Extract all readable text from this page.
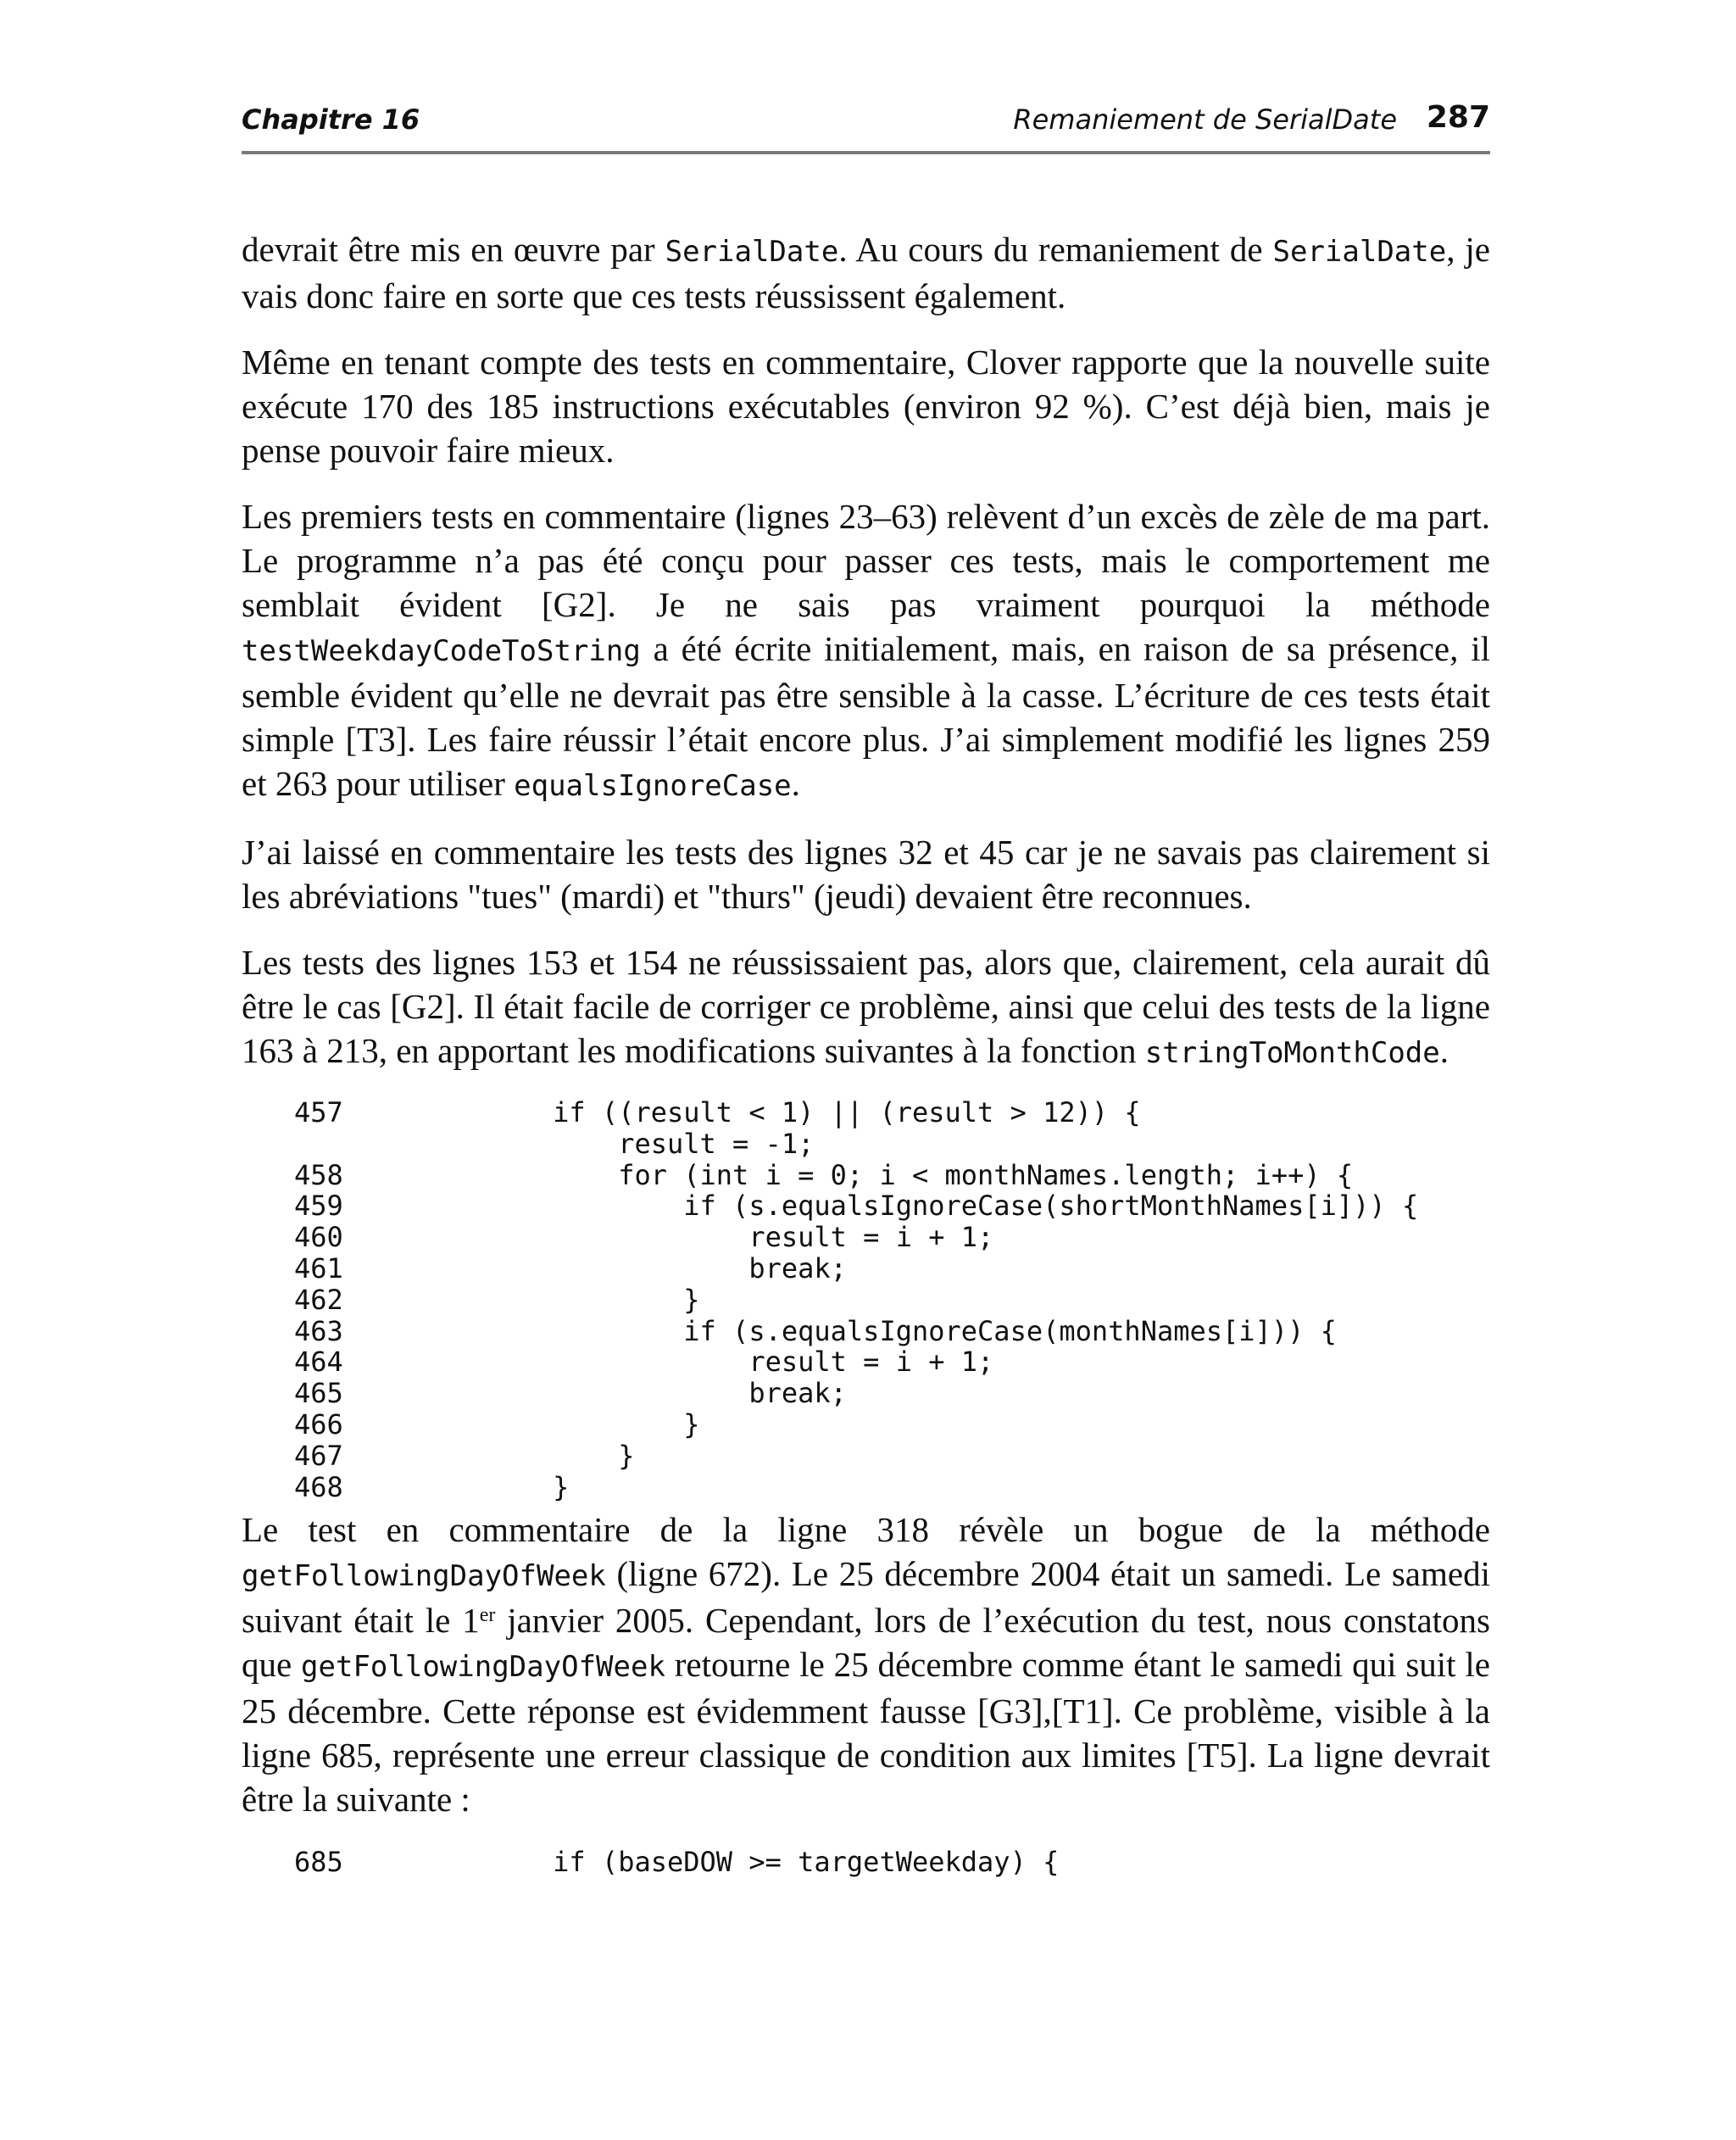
Chapitre 16	Remaniement de SerialDate 287

devrait être mis en œuvre par SerialDate. Au cours du remaniement de SerialDate, je vais donc faire en sorte que ces tests réussissent également.

Même en tenant compte des tests en commentaire, Clover rapporte que la nouvelle suite exécute 170 des 185 instructions exécutables (environ 92 %). C’est déjà bien, mais je pense pouvoir faire mieux.

Les premiers tests en commentaire (lignes 23–63) relèvent d’un excès de zèle de ma part. Le programme n’a pas été conçu pour passer ces tests, mais le comportement me semblait évident [G2]. Je ne sais pas vraiment pourquoi la méthode testWeekdayCodeToString a été écrite initialement, mais, en raison de sa présence, il semble évident qu’elle ne devrait pas être sensible à la casse. L’écriture de ces tests était simple [T3]. Les faire réussir l’était encore plus. J’ai simplement modifié les lignes 259 et 263 pour utiliser equalsIgnoreCase.

J’ai laissé en commentaire les tests des lignes 32 et 45 car je ne savais pas clairement si les abréviations "tues" (mardi) et "thurs" (jeudi) devaient être reconnues.

Les tests des lignes 153 et 154 ne réussissaient pas, alors que, clairement, cela aurait dû être le cas [G2]. Il était facile de corriger ce problème, ainsi que celui des tests de la ligne 163 à 213, en apportant les modifications suivantes à la fonction stringToMonthCode.

457	if ((result < 1) || (result > 12)) {
result = -1;
458	for (int i = 0; i < monthNames.length; i++) {
459	if (s.equalsIgnoreCase(shortMonthNames[i])) {
460	result = i + 1;
461	break;
462	}
463	if (s.equalsIgnoreCase(monthNames[i])) {
464	result = i + 1;
465	break;
466	}
467	}
468	}

Le test en commentaire de la ligne 318 révèle un bogue de la méthode getFollowingDayOfWeek (ligne 672). Le 25 décembre 2004 était un samedi. Le samedi suivant était le 1er janvier 2005. Cependant, lors de l’exécution du test, nous constatons que getFollowingDayOfWeek retourne le 25 décembre comme étant le samedi qui suit le 25 décembre. Cette réponse est évidemment fausse [G3],[T1]. Ce problème, visible à la ligne 685, représente une erreur classique de condition aux limites [T5]. La ligne devrait être la suivante :

685	if (baseDOW >= targetWeekday) {
